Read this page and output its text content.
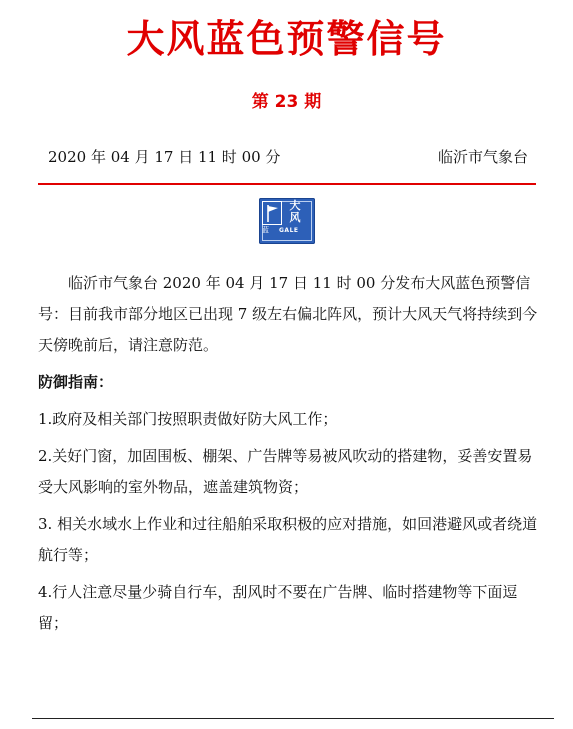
大风蓝色预警信号
第 23 期
2020 年 04 月 17 日 11 时 00 分	临沂市气象台
大风
蓝 GALE

临沂市气象台 2020 年 04 月 17 日 11 时 00 分发布大风蓝色预警信号：目前我市部分地区已出现 7 级左右偏北阵风，预计大风天气将持续到今天傍晚前后，请注意防范。

防御指南：

1.政府及相关部门按照职责做好防大风工作；

2.关好门窗，加固围板、棚架、广告牌等易被风吹动的搭建物，妥善安置易受大风影响的室外物品，遮盖建筑物资；

3. 相关水域水上作业和过往船舶采取积极的应对措施，如回港避风或者绕道航行等；

4.行人注意尽量少骑自行车，刮风时不要在广告牌、临时搭建物等下面逗留；
